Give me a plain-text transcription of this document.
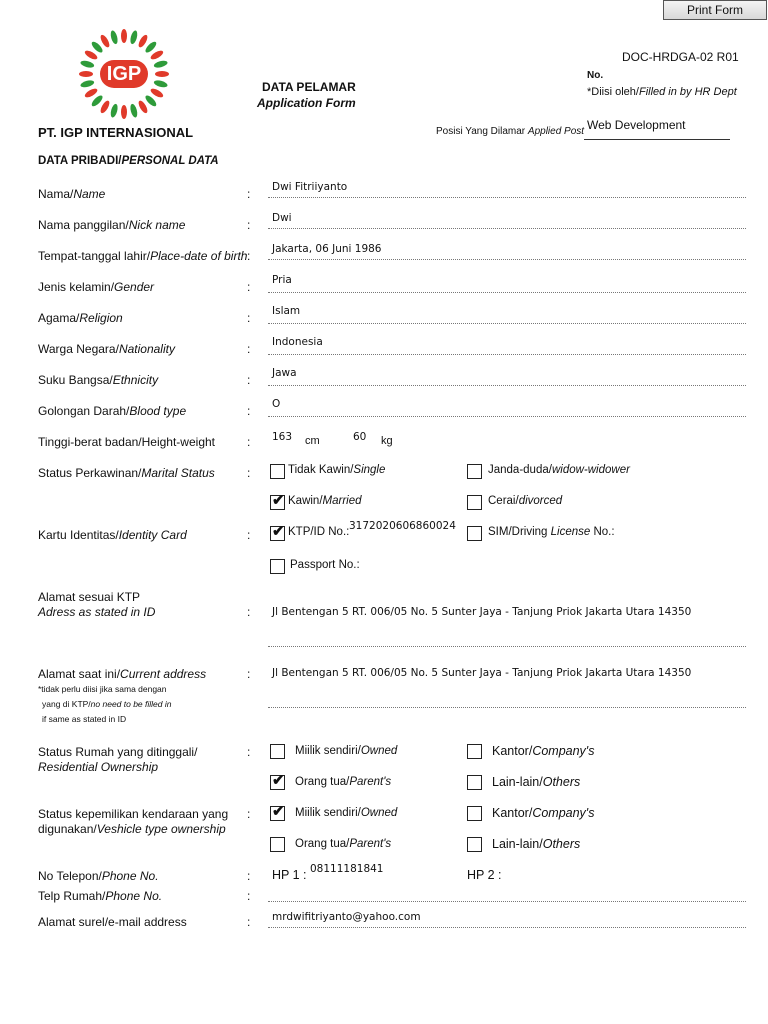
Print Form
IGP
DOC-HRDGA-02 R01
No.
*Diisi oleh/Filled in by HR Dept
DATA PELAMAR
Application Form
PT. IGP INTERNASIONAL	Posisi Yang Dilamar Applied Post Web Development
DATA PRIBADI/PERSONAL DATA
Nama/Name	: Dwi Fitriiyanto
Nama panggilan/Nick name	: Dwi
Tempat-tanggal lahir/Place-date of birth : Jakarta, 06 Juni 1986
Jenis kelamin/Gender	: Pria
Agama/Religion	: Islam
Warga Negara/Nationality	: Indonesia
Suku Bangsa/Ethnicity	: Jawa
Golongan Darah/Blood type	: O
Tinggi-berat badan/Height-weight	: 163 cm	60 kg
Status Perkawinan/Marital Status	:	Tidak Kawin/Single	Janda-duda/widow-widower
✔ Kawin/Married	Cerai/divorced
Kartu Identitas/Identity Card	: ✔ KTP/ID No.: 3172020606860024	SIM/Driving License No.:
Passport No.:
Alamat sesuai KTP
Adress as stated in ID	: Jl Bentengan 5 RT. 006/05 No. 5 Sunter Jaya - Tanjung Priok Jakarta Utara 14350
Alamat saat ini/Current address
*tidak perlu diisi jika sama dengan
yang di KTP/no need to be filled in
if same as stated in ID
: Jl Bentengan 5 RT. 006/05 No. 5 Sunter Jaya - Tanjung Priok Jakarta Utara 14350
Status Rumah yang ditinggali/
Residential Ownership
:	Miilik sendiri/Owned	Kantor/Company's
✔ Orang tua/Parent's	Lain-lain/Others
Status kepemilikan kendaraan yang
digunakan/Veshicle type ownership
: ✔ Miilik sendiri/Owned	Kantor/Company's
Orang tua/Parent's	Lain-lain/Others
No Telepon/Phone No.	: HP 1 : 08111181841	HP 2 :
Telp Rumah/Phone No.	:
Alamat surel/e-mail address	: mrdwifitriyanto@yahoo.com
